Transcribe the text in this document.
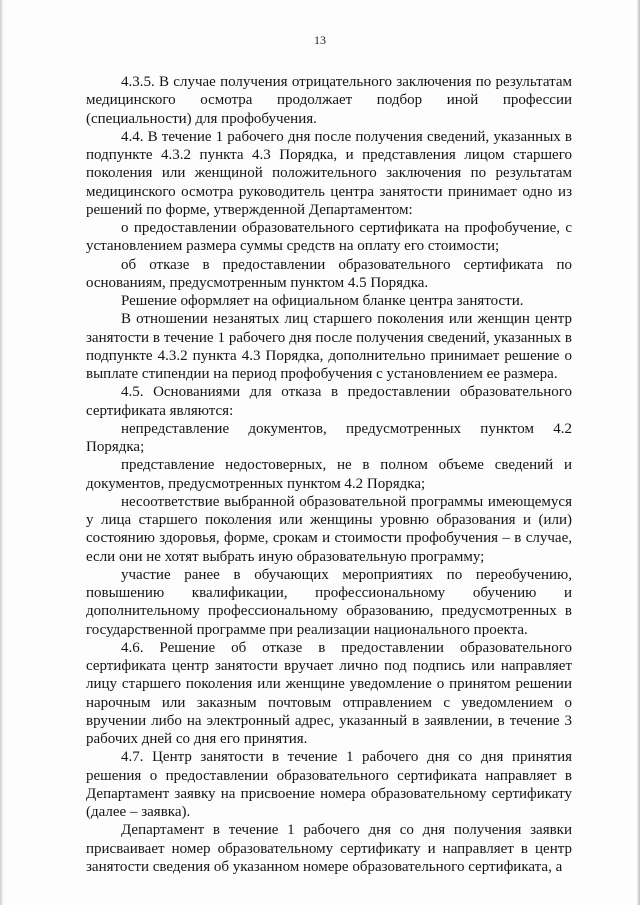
13

4.3.5. В случае получения отрицательного заключения по результатам медицинского осмотра продолжает подбор иной профессии (специальности) для профобучения.

4.4. В течение 1 рабочего дня после получения сведений, указанных в подпункте 4.3.2 пункта 4.3 Порядка, и представления лицом старшего поколения или женщиной положительного заключения по результатам медицинского осмотра руководитель центра занятости принимает одно из решений по форме, утвержденной Департаментом:

о предоставлении образовательного сертификата на профобучение, с установлением размера суммы средств на оплату его стоимости;

об отказе в предоставлении образовательного сертификата по основаниям, предусмотренным пунктом 4.5 Порядка.

Решение оформляет на официальном бланке центра занятости.

В отношении незанятых лиц старшего поколения или женщин центр занятости в течение 1 рабочего дня после получения сведений, указанных в подпункте 4.3.2 пункта 4.3 Порядка, дополнительно принимает решение о выплате стипендии на период профобучения с установлением ее размера.

4.5. Основаниями для отказа в предоставлении образовательного сертификата являются:

непредставление документов, предусмотренных пунктом 4.2 Порядка;

представление недостоверных, не в полном объеме сведений и документов, предусмотренных пунктом 4.2 Порядка;

несоответствие выбранной образовательной программы имеющемуся у лица старшего поколения или женщины уровню образования и (или) состоянию здоровья, форме, срокам и стоимости профобучения – в случае, если они не хотят выбрать иную образовательную программу;

участие ранее в обучающих мероприятиях по переобучению, повышению квалификации, профессиональному обучению и дополнительному профессиональному образованию, предусмотренных в государственной программе при реализации национального проекта.

4.6. Решение об отказе в предоставлении образовательного сертификата центр занятости вручает лично под подпись или направляет лицу старшего поколения или женщине уведомление о принятом решении нарочным или заказным почтовым отправлением с уведомлением о вручении либо на электронный адрес, указанный в заявлении, в течение 3 рабочих дней со дня его принятия.

4.7. Центр занятости в течение 1 рабочего дня со дня принятия решения о предоставлении образовательного сертификата направляет в Департамент заявку на присвоение номера образовательному сертификату (далее – заявка).

Департамент в течение 1 рабочего дня со дня получения заявки присваивает номер образовательному сертификату и направляет в центр занятости сведения об указанном номере образовательного сертификата, а
